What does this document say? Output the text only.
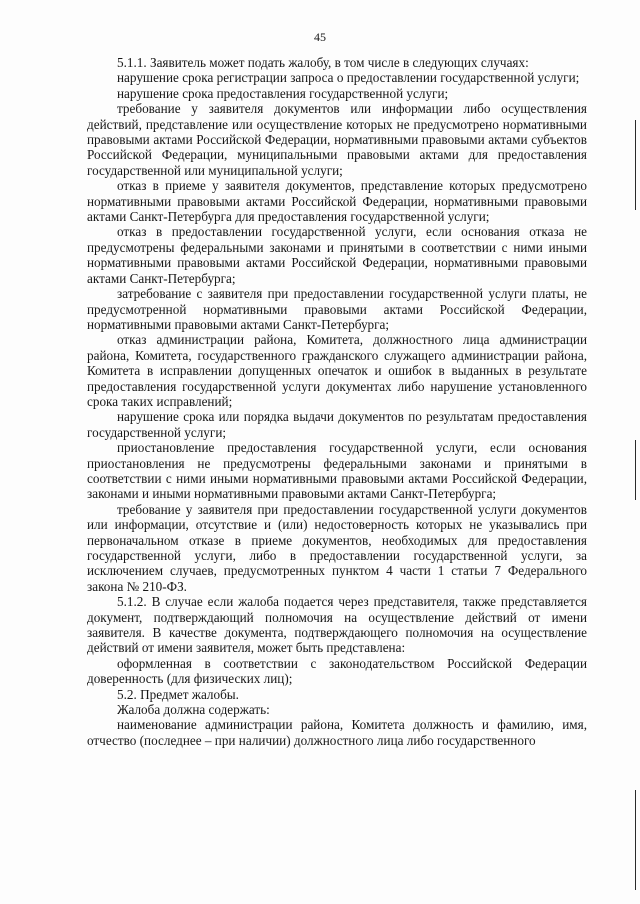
45

5.1.1. Заявитель может подать жалобу, в том числе в следующих случаях:

нарушение срока регистрации запроса о предоставлении государственной услуги;

нарушение срока предоставления государственной услуги;

требование у заявителя документов или информации либо осуществления действий, представление или осуществление которых не предусмотрено нормативными правовыми актами Российской Федерации, нормативными правовыми актами субъектов Российской Федерации, муниципальными правовыми актами для предоставления государственной или муниципальной услуги;

отказ в приеме у заявителя документов, представление которых предусмотрено нормативными правовыми актами Российской Федерации, нормативными правовыми актами Санкт-Петербурга для предоставления государственной услуги;

отказ в предоставлении государственной услуги, если основания отказа не предусмотрены федеральными законами и принятыми в соответствии с ними иными нормативными правовыми актами Российской Федерации, нормативными правовыми актами Санкт-Петербурга;

затребование с заявителя при предоставлении государственной услуги платы, не предусмотренной нормативными правовыми актами Российской Федерации, нормативными правовыми актами Санкт-Петербурга;

отказ администрации района, Комитета, должностного лица администрации района, Комитета, государственного гражданского служащего администрации района, Комитета в исправлении допущенных опечаток и ошибок в выданных в результате предоставления государственной услуги документах либо нарушение установленного срока таких исправлений;

нарушение срока или порядка выдачи документов по результатам предоставления государственной услуги;

приостановление предоставления государственной услуги, если основания приостановления не предусмотрены федеральными законами и принятыми в соответствии с ними иными нормативными правовыми актами Российской Федерации, законами и иными нормативными правовыми актами Санкт-Петербурга;

требование у заявителя при предоставлении государственной услуги документов или информации, отсутствие и (или) недостоверность которых не указывались при первоначальном отказе в приеме документов, необходимых для предоставления государственной услуги, либо в предоставлении государственной услуги, за исключением случаев, предусмотренных пунктом 4 части 1 статьи 7 Федерального закона № 210-ФЗ.

5.1.2. В случае если жалоба подается через представителя, также представляется документ, подтверждающий полномочия на осуществление действий от имени заявителя. В качестве документа, подтверждающего полномочия на осуществление действий от имени заявителя, может быть представлена:

оформленная в соответствии с законодательством Российской Федерации доверенность (для физических лиц);

5.2. Предмет жалобы.

Жалоба должна содержать:

наименование администрации района, Комитета должность и фамилию, имя, отчество (последнее – при наличии) должностного лица либо государственного
